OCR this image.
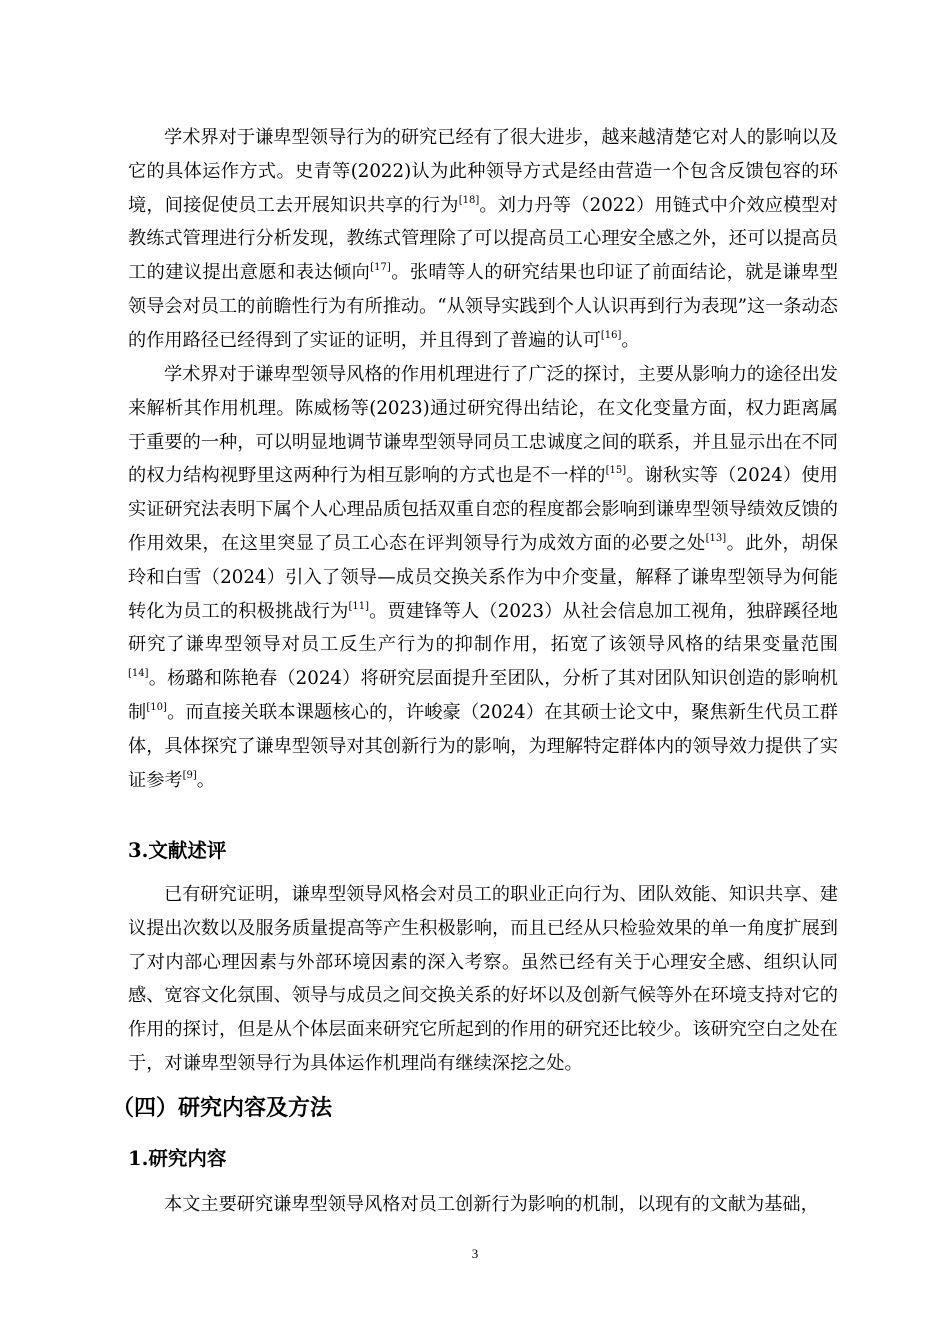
学术界对于谦卑型领导行为的研究已经有了很大进步，越来越清楚它对人的影响以及它的具体运作方式。史青等(2022)认为此种领导方式是经由营造一个包含反馈包容的环境，间接促使员工去开展知识共享的行为[18]。刘力丹等（2022）用链式中介效应模型对教练式管理进行分析发现，教练式管理除了可以提高员工心理安全感之外，还可以提高员工的建议提出意愿和表达倾向[17]。张晴等人的研究结果也印证了前面结论，就是谦卑型领导会对员工的前瞻性行为有所推动。“从领导实践到个人认识再到行为表现”这一条动态的作用路径已经得到了实证的证明，并且得到了普遍的认可[16]。

学术界对于谦卑型领导风格的作用机理进行了广泛的探讨，主要从影响力的途径出发来解析其作用机理。陈威杨等(2023)通过研究得出结论，在文化变量方面，权力距离属于重要的一种，可以明显地调节谦卑型领导同员工忠诚度之间的联系，并且显示出在不同的权力结构视野里这两种行为相互影响的方式也是不一样的[15]。谢秋实等（2024）使用实证研究法表明下属个人心理品质包括双重自恋的程度都会影响到谦卑型领导绩效反馈的作用效果，在这里突显了员工心态在评判领导行为成效方面的必要之处[13]。此外，胡保玲和白雪（2024）引入了领导—成员交换关系作为中介变量，解释了谦卑型领导为何能转化为员工的积极挑战行为[11]。贾建锋等人（2023）从社会信息加工视角，独辟蹊径地研究了谦卑型领导对员工反生产行为的抑制作用，拓宽了该领导风格的结果变量范围[14]。杨璐和陈艳春（2024）将研究层面提升至团队，分析了其对团队知识创造的影响机制[10]。而直接关联本课题核心的，许峻豪（2024）在其硕士论文中，聚焦新生代员工群体，具体探究了谦卑型领导对其创新行为的影响，为理解特定群体内的领导效力提供了实证参考[9]。

3.文献述评

已有研究证明，谦卑型领导风格会对员工的职业正向行为、团队效能、知识共享、建议提出次数以及服务质量提高等产生积极影响，而且已经从只检验效果的单一角度扩展到了对内部心理因素与外部环境因素的深入考察。虽然已经有关于心理安全感、组织认同感、宽容文化氛围、领导与成员之间交换关系的好坏以及创新气候等外在环境支持对它的作用的探讨，但是从个体层面来研究它所起到的作用的研究还比较少。该研究空白之处在于，对谦卑型领导行为具体运作机理尚有继续深挖之处。

（四）研究内容及方法
1.研究内容

本文主要研究谦卑型领导风格对员工创新行为影响的机制，以现有的文献为基础，

3
